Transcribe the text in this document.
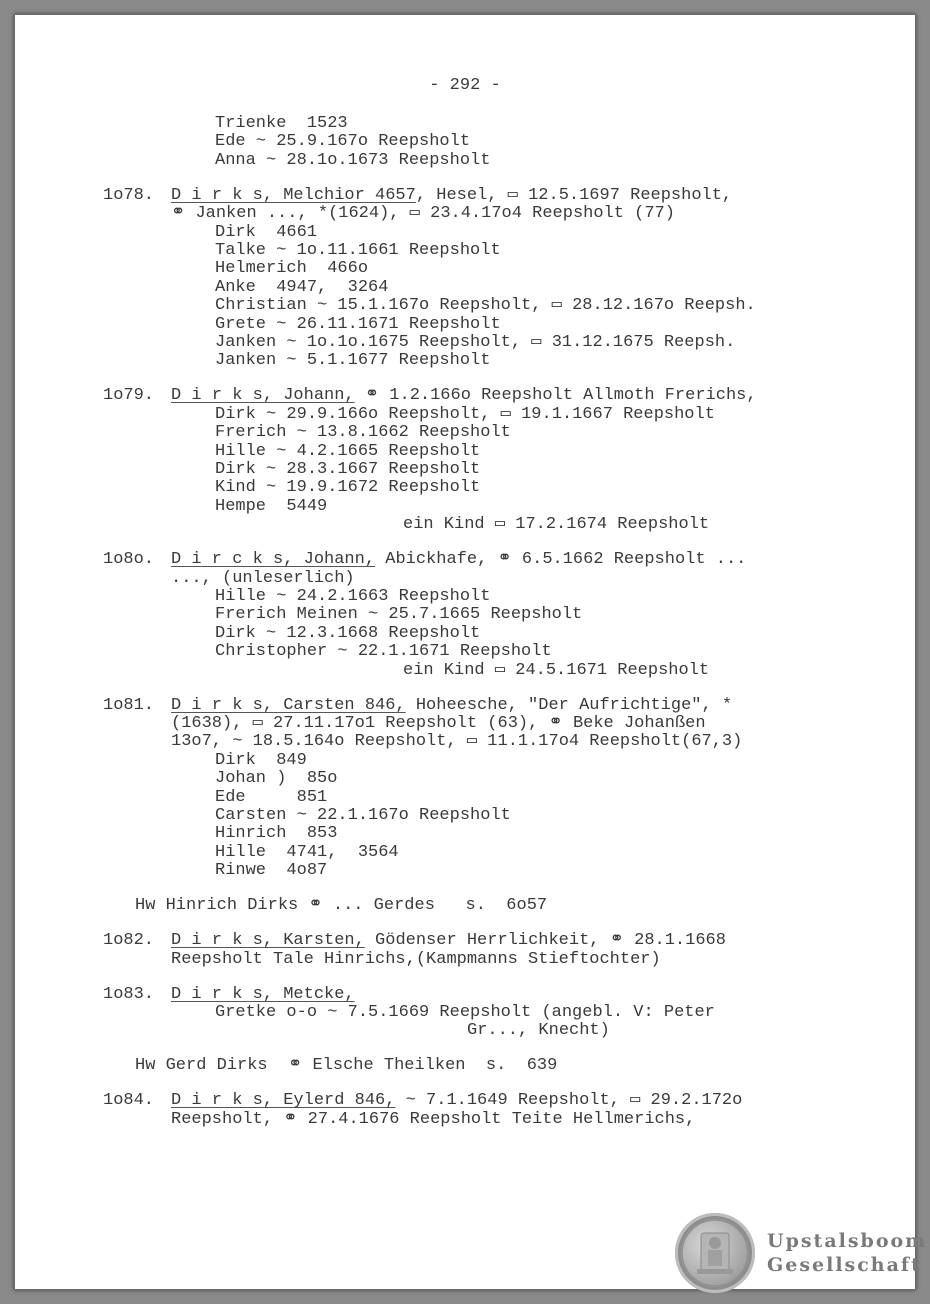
- 292 -
Trienke  1523
Ede ~ 25.9.167o Reepsholt
Anna ~ 28.1o.1673 Reepsholt
1o78. D i r k s, Melchior 4657, Hesel, ▭ 12.5.1697 Reepsholt,
⚭ Janken ..., *(1624), ▭ 23.4.17o4 Reepsholt (77)
Dirk  4661
Talke ~ 1o.11.1661 Reepsholt
Helmerich  466o
Anke  4947,  3264
Christian ~ 15.1.167o Reepsholt, ▭ 28.12.167o Reepsh.
Grete ~ 26.11.1671 Reepsholt
Janken ~ 1o.1o.1675 Reepsholt, ▭ 31.12.1675 Reepsh.
Janken ~ 5.1.1677 Reepsholt
1o79. D i r k s, Johann, ⚭ 1.2.166o Reepsholt Allmoth Frerichs,
Dirk ~ 29.9.166o Reepsholt, ▭ 19.1.1667 Reepsholt
Frerich ~ 13.8.1662 Reepsholt
Hille ~ 4.2.1665 Reepsholt
Dirk ~ 28.3.1667 Reepsholt
Kind ~ 19.9.1672 Reepsholt
Hempe  5449
ein Kind ▭ 17.2.1674 Reepsholt
1o8o. D i r c k s, Johann, Abickhafe, ⚭ 6.5.1662 Reepsholt ...
..., (unleserlich)
Hille ~ 24.2.1663 Reepsholt
Frerich Meinen ~ 25.7.1665 Reepsholt
Dirk ~ 12.3.1668 Reepsholt
Christopher ~ 22.1.1671 Reepsholt
ein Kind ▭ 24.5.1671 Reepsholt
1o81. D i r k s, Carsten 846, Hoheesche, "Der Aufrichtige", *
(1638), ▭ 27.11.17o1 Reepsholt (63), ⚭ Beke Johanßen
13o7, ~ 18.5.164o Reepsholt, ▭ 11.1.17o4 Reepsholt(67,3)
Dirk  849
Johan )  85o
Ede     851
Carsten ~ 22.1.167o Reepsholt
Hinrich  853
Hille  4741,  3564
Rinwe  4o87
Hw Hinrich Dirks ⚭ ... Gerdes   s.  6o57
1o82. D i r k s, Karsten, Gödenser Herrlichkeit, ⚭ 28.1.1668
Reepsholt Tale Hinrichs,(Kampmanns Stieftochter)
1o83. D i r k s, Metcke,
Gretke o-o ~ 7.5.1669 Reepsholt (angebl. V: Peter
Gr..., Knecht)
Hw Gerd Dirks  ⚭ Elsche Theilken  s.  639
1o84. D i r k s, Eylerd 846, ~ 7.1.1649 Reepsholt, ▭ 29.2.172o
Reepsholt, ⚭ 27.4.1676 Reepsholt Teite Hellmerichs,
Upstalsboom
Gesellschaft
